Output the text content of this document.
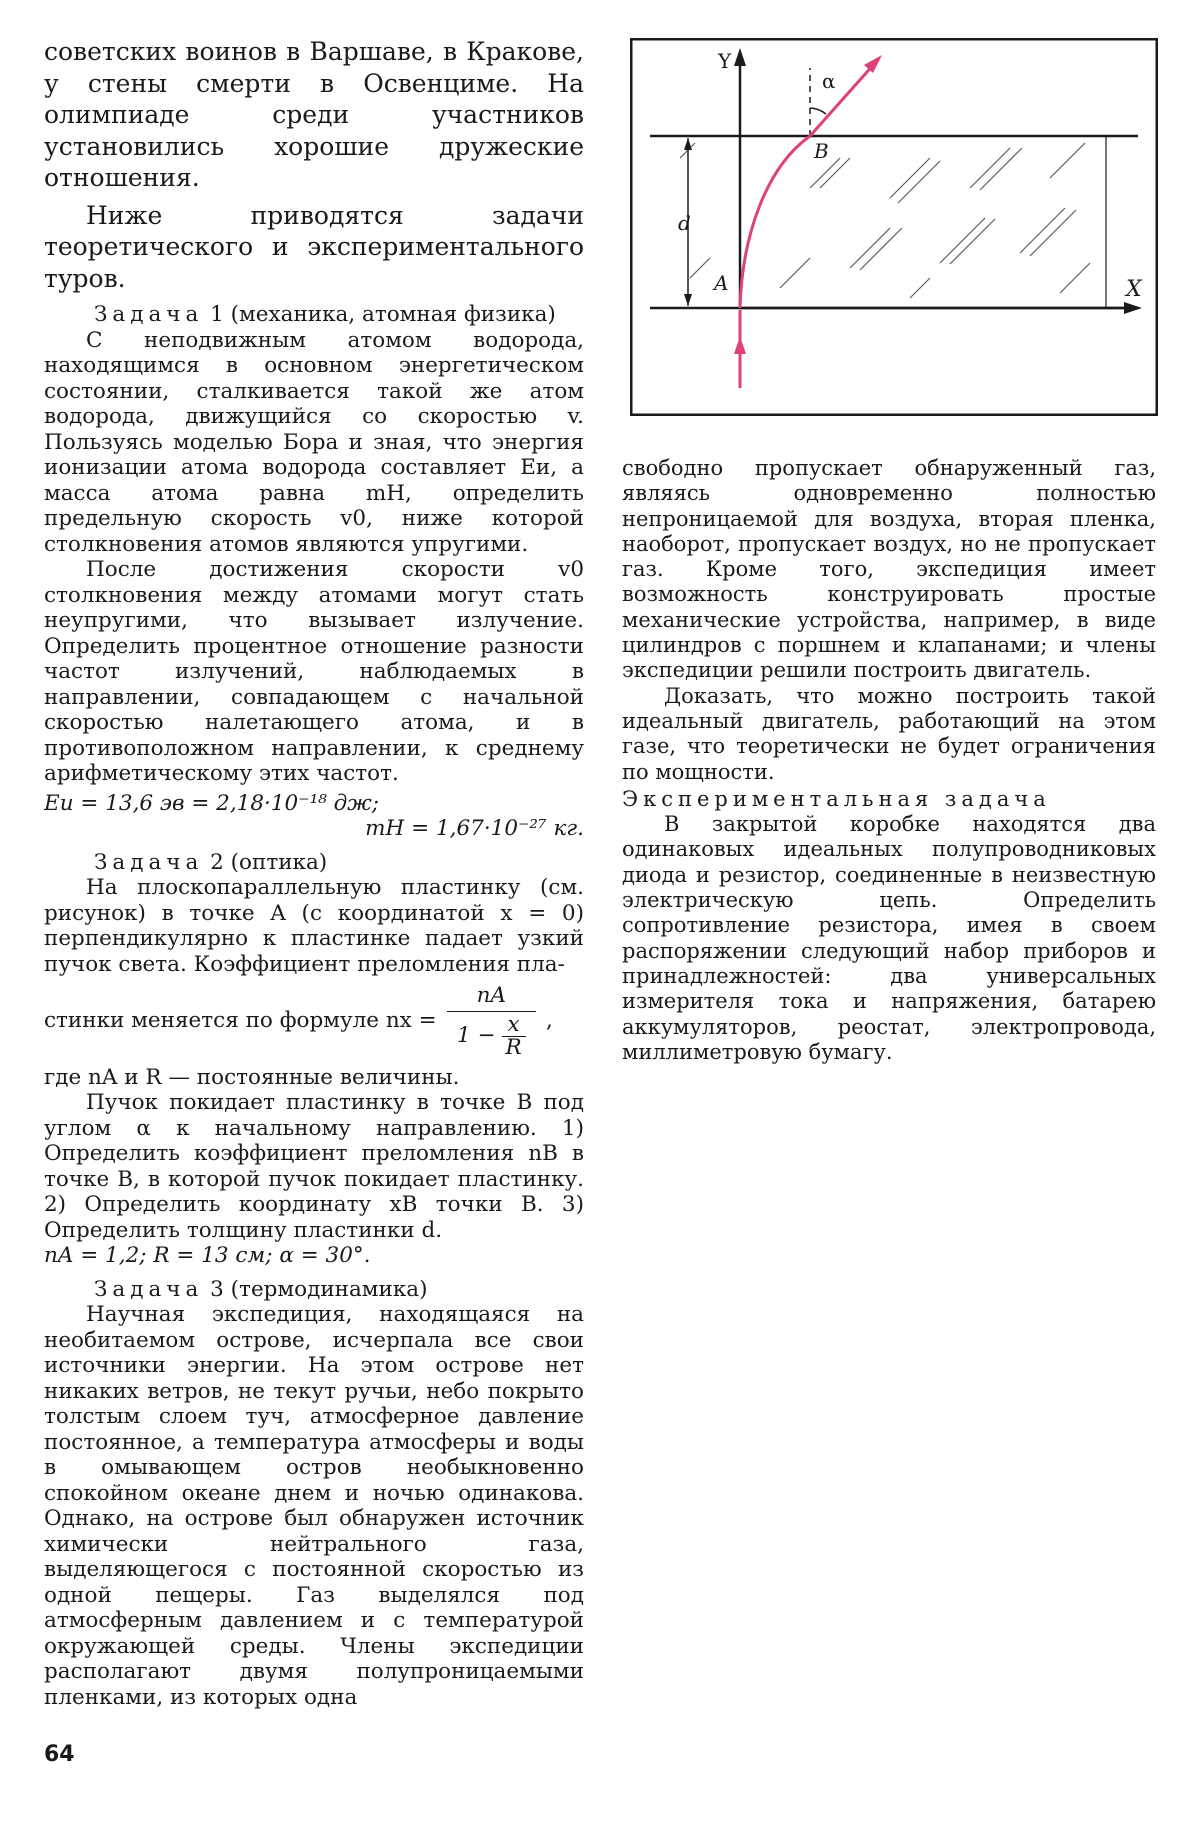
Y
X
A
B
d
α

советских воинов в Варшаве, в Кракове, у стены смерти в Освенциме. На олимпиаде среди участников установились хорошие дружеские отношения.

Ниже приводятся задачи теоретического и экспериментального туров.

Задача 1 (механика, атомная физика)

С неподвижным атомом водорода, находящимся в основном энергетическом состоянии, сталкивается такой же атом водорода, движущийся со скоростью v. Пользуясь моделью Бора и зная, что энергия ионизации атома водорода составляет Eи, а масса атома равна mH, определить предельную скорость v0, ниже которой столкновения атомов являются упругими.

После достижения скорости v0 столкновения между атомами могут стать неупругими, что вызывает излучение. Определить процентное отношение разности частот излучений, наблюдаемых в направлении, совпадающем с начальной скоростью налетающего атома, и в противоположном направлении, к среднему арифметическому этих частот.

Eи = 13,6 эв = 2,18·10⁻¹⁸ дж;

mH = 1,67·10⁻²⁷ кг.

Задача 2 (оптика)

На плоскопараллельную пластинку (см. рисунок) в точке A (с координатой x = 0) перпендикулярно к пластинке падает узкий пучок света. Коэффициент преломления пла-

стинки меняется по формуле nx = $\frac{nA}{1 - \frac{x}{R}}$ ,

где nA и R — постоянные величины.

Пучок покидает пластинку в точке B под углом α к начальному направлению. 1) Определить коэффициент преломления nB в точке B, в которой пучок покидает пластинку. 2) Определить координату xB точки B. 3) Определить толщину пластинки d.

nA = 1,2; R = 13 см; α = 30°.

Задача 3 (термодинамика)

Научная экспедиция, находящаяся на необитаемом острове, исчерпала все свои источники энергии. На этом острове нет никаких ветров, не текут ручьи, небо покрыто толстым слоем туч, атмосферное давление постоянное, а температура атмосферы и воды в омывающем остров необыкновенно спокойном океане днем и ночью одинакова. Однако, на острове был обнаружен источник химически нейтрального газа, выделяющегося с постоянной скоростью из одной пещеры. Газ выделялся под атмосферным давлением и с температурой окружающей среды. Члены экспедиции располагают двумя полупроницаемыми пленками, из которых одна

свободно пропускает обнаруженный газ, являясь одновременно полностью непроницаемой для воздуха, вторая пленка, наоборот, пропускает воздух, но не пропускает газ. Кроме того, экспедиция имеет возможность конструировать простые механические устройства, например, в виде цилиндров с поршнем и клапанами; и члены экспедиции решили построить двигатель.

Доказать, что можно построить такой идеальный двигатель, работающий на этом газе, что теоретически не будет ограничения по мощности.

Экспериментальная задача

В закрытой коробке находятся два одинаковых идеальных полупроводниковых диода и резистор, соединенные в неизвестную электрическую цепь. Определить сопротивление резистора, имея в своем распоряжении следующий набор приборов и принадлежностей: два универсальных измерителя тока и напряжения, батарею аккумуляторов, реостат, электропровода, миллиметровую бумагу.

64
